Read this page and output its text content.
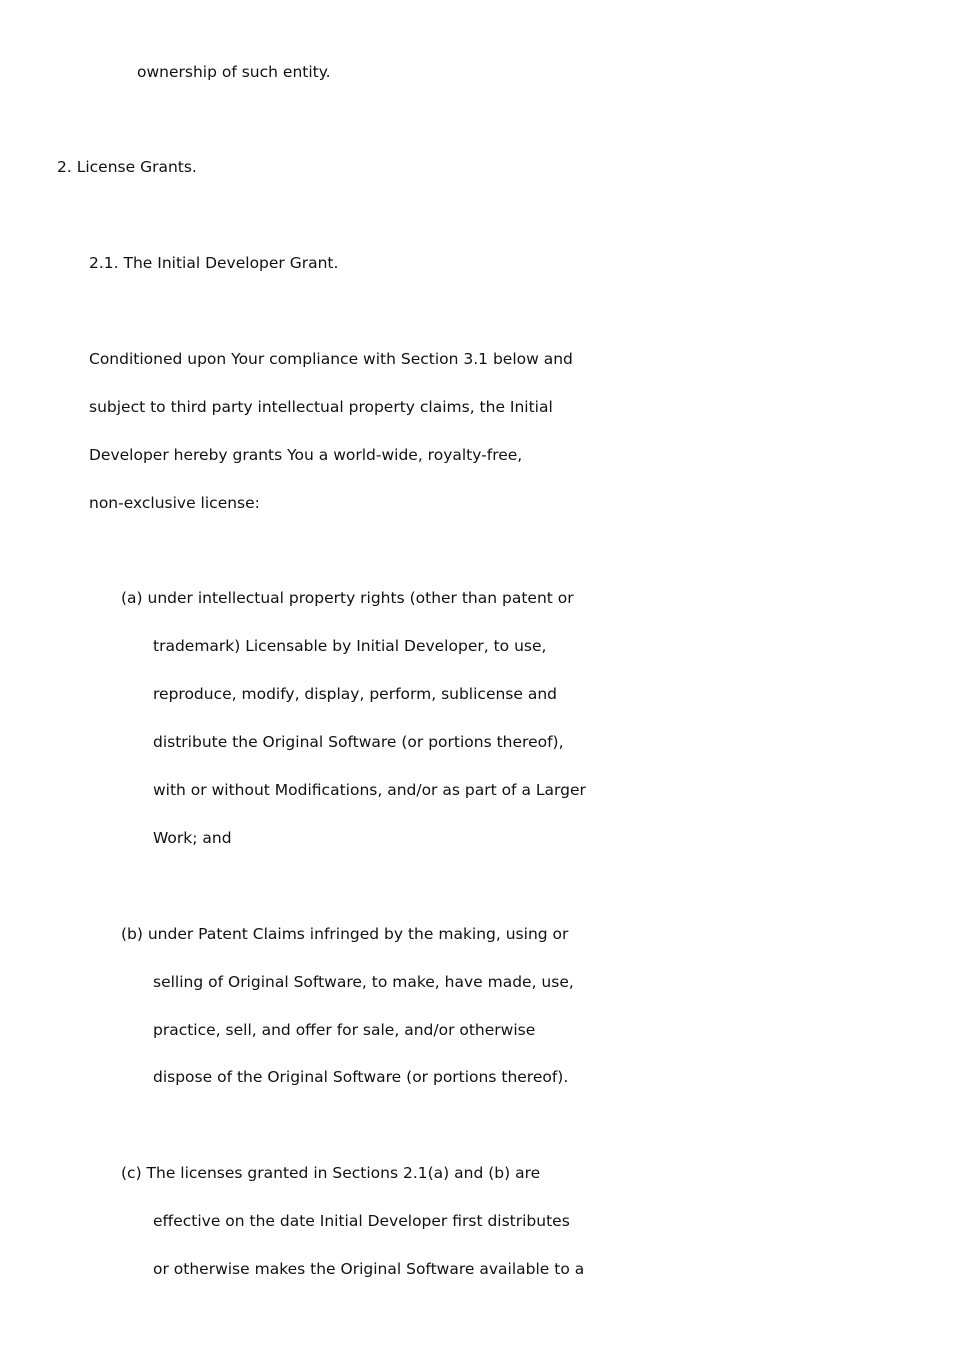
ownership of such entity.

2. License Grants.

2.1. The Initial Developer Grant.

Conditioned upon Your compliance with Section 3.1 below and

subject to third party intellectual property claims, the Initial

Developer hereby grants You a world-wide, royalty-free,

non-exclusive license:

(a) under intellectual property rights (other than patent or

trademark) Licensable by Initial Developer, to use,

reproduce, modify, display, perform, sublicense and

distribute the Original Software (or portions thereof),

with or without Modifications, and/or as part of a Larger

Work; and

(b) under Patent Claims infringed by the making, using or

selling of Original Software, to make, have made, use,

practice, sell, and offer for sale, and/or otherwise

dispose of the Original Software (or portions thereof).

(c) The licenses granted in Sections 2.1(a) and (b) are

effective on the date Initial Developer first distributes

or otherwise makes the Original Software available to a
